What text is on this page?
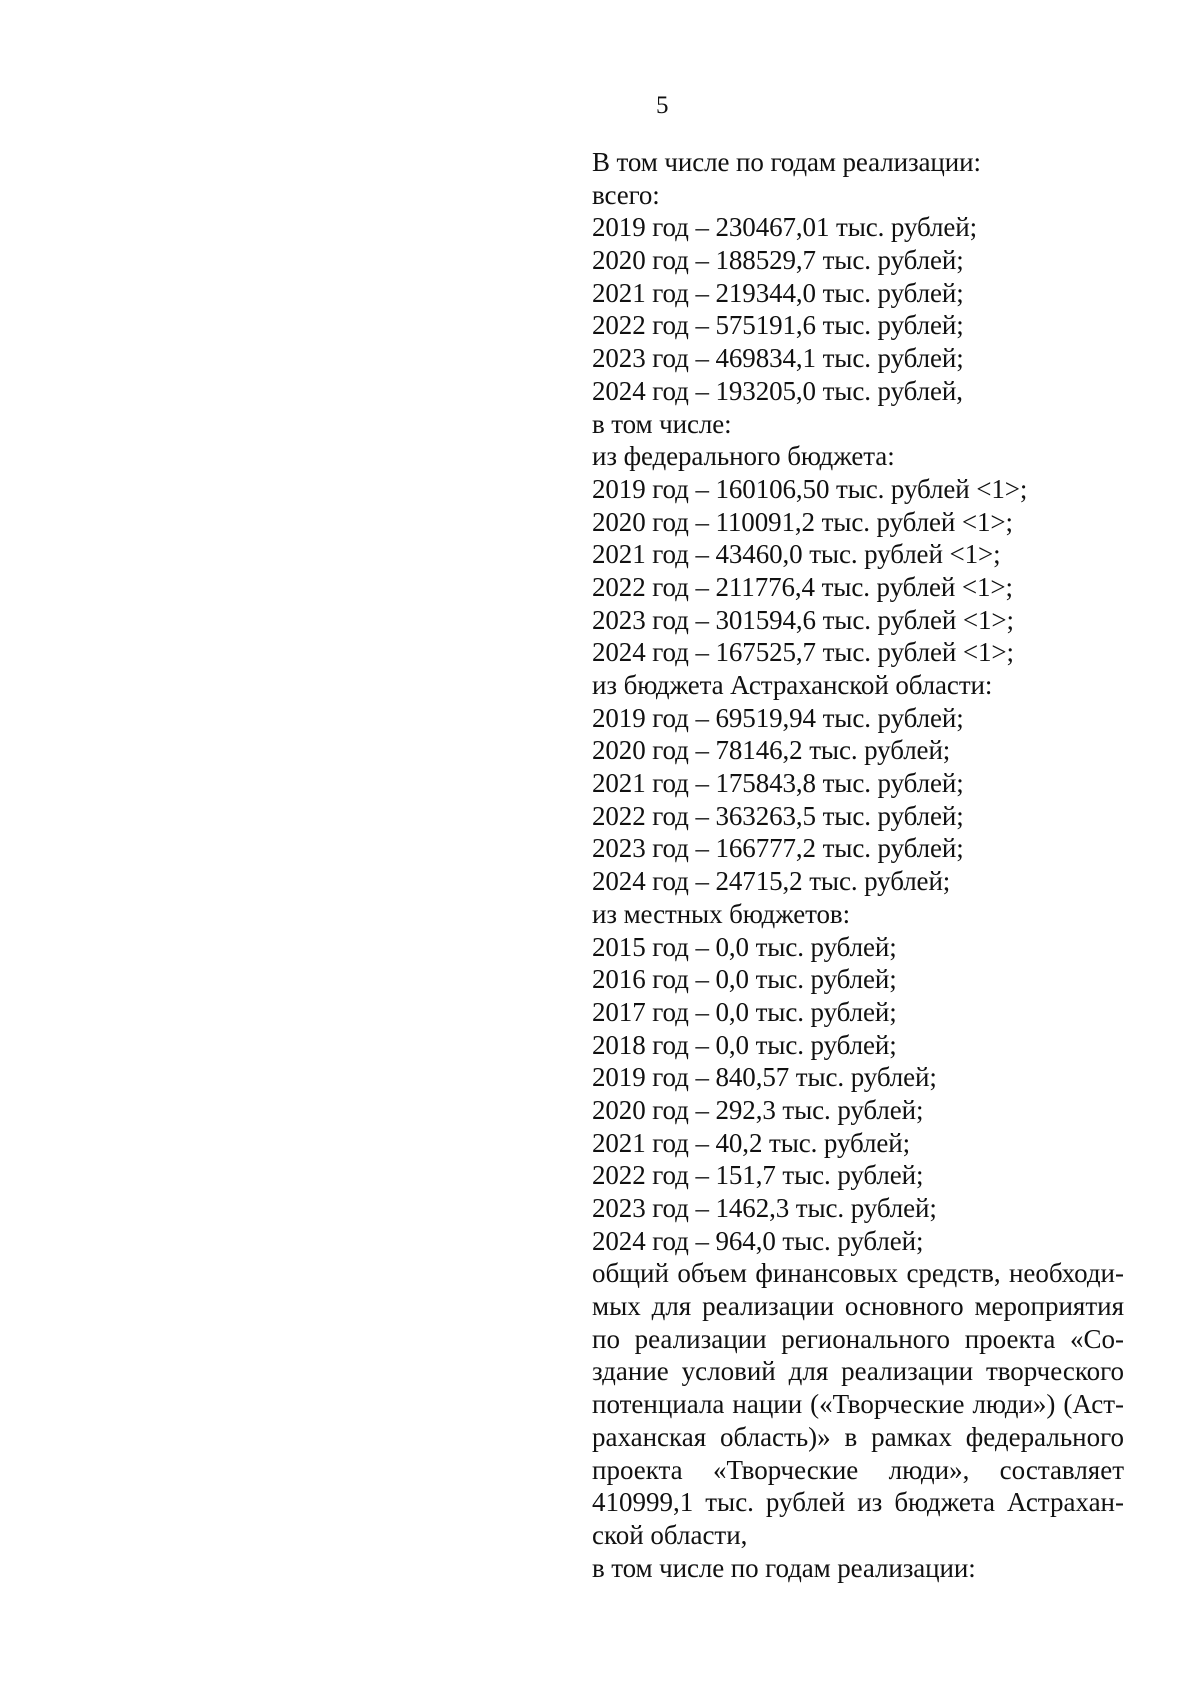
5
В том числе по годам реализации:
всего:
2019 год – 230467,01 тыс. рублей;
2020 год – 188529,7 тыс. рублей;
2021 год – 219344,0 тыс. рублей;
2022 год – 575191,6 тыс. рублей;
2023 год – 469834,1 тыс. рублей;
2024 год – 193205,0 тыс. рублей,
в том числе:
из федерального бюджета:
2019 год – 160106,50 тыс. рублей <1>;
2020 год – 110091,2 тыс. рублей <1>;
2021 год – 43460,0 тыс. рублей <1>;
2022 год – 211776,4 тыс. рублей <1>;
2023 год – 301594,6 тыс. рублей <1>;
2024 год – 167525,7 тыс. рублей <1>;
из бюджета Астраханской области:
2019 год – 69519,94 тыс. рублей;
2020 год – 78146,2 тыс. рублей;
2021 год – 175843,8 тыс. рублей;
2022 год – 363263,5 тыс. рублей;
2023 год – 166777,2 тыс. рублей;
2024 год – 24715,2 тыс. рублей;
из местных бюджетов:
2015 год – 0,0 тыс. рублей;
2016 год – 0,0 тыс. рублей;
2017 год – 0,0 тыс. рублей;
2018 год – 0,0 тыс. рублей;
2019 год – 840,57 тыс. рублей;
2020 год – 292,3 тыс. рублей;
2021 год – 40,2 тыс. рублей;
2022 год – 151,7 тыс. рублей;
2023 год – 1462,3 тыс. рублей;
2024 год – 964,0 тыс. рублей;
общий объем финансовых средств, необходи-
мых для реализации основного мероприятия
по реализации регионального проекта «Со-
здание условий для реализации творческого
потенциала нации («Творческие люди») (Аст-
раханская область)» в рамках федерального
проекта «Творческие люди», составляет
410999,1 тыс. рублей из бюджета Астрахан-
ской области,
в том числе по годам реализации:
